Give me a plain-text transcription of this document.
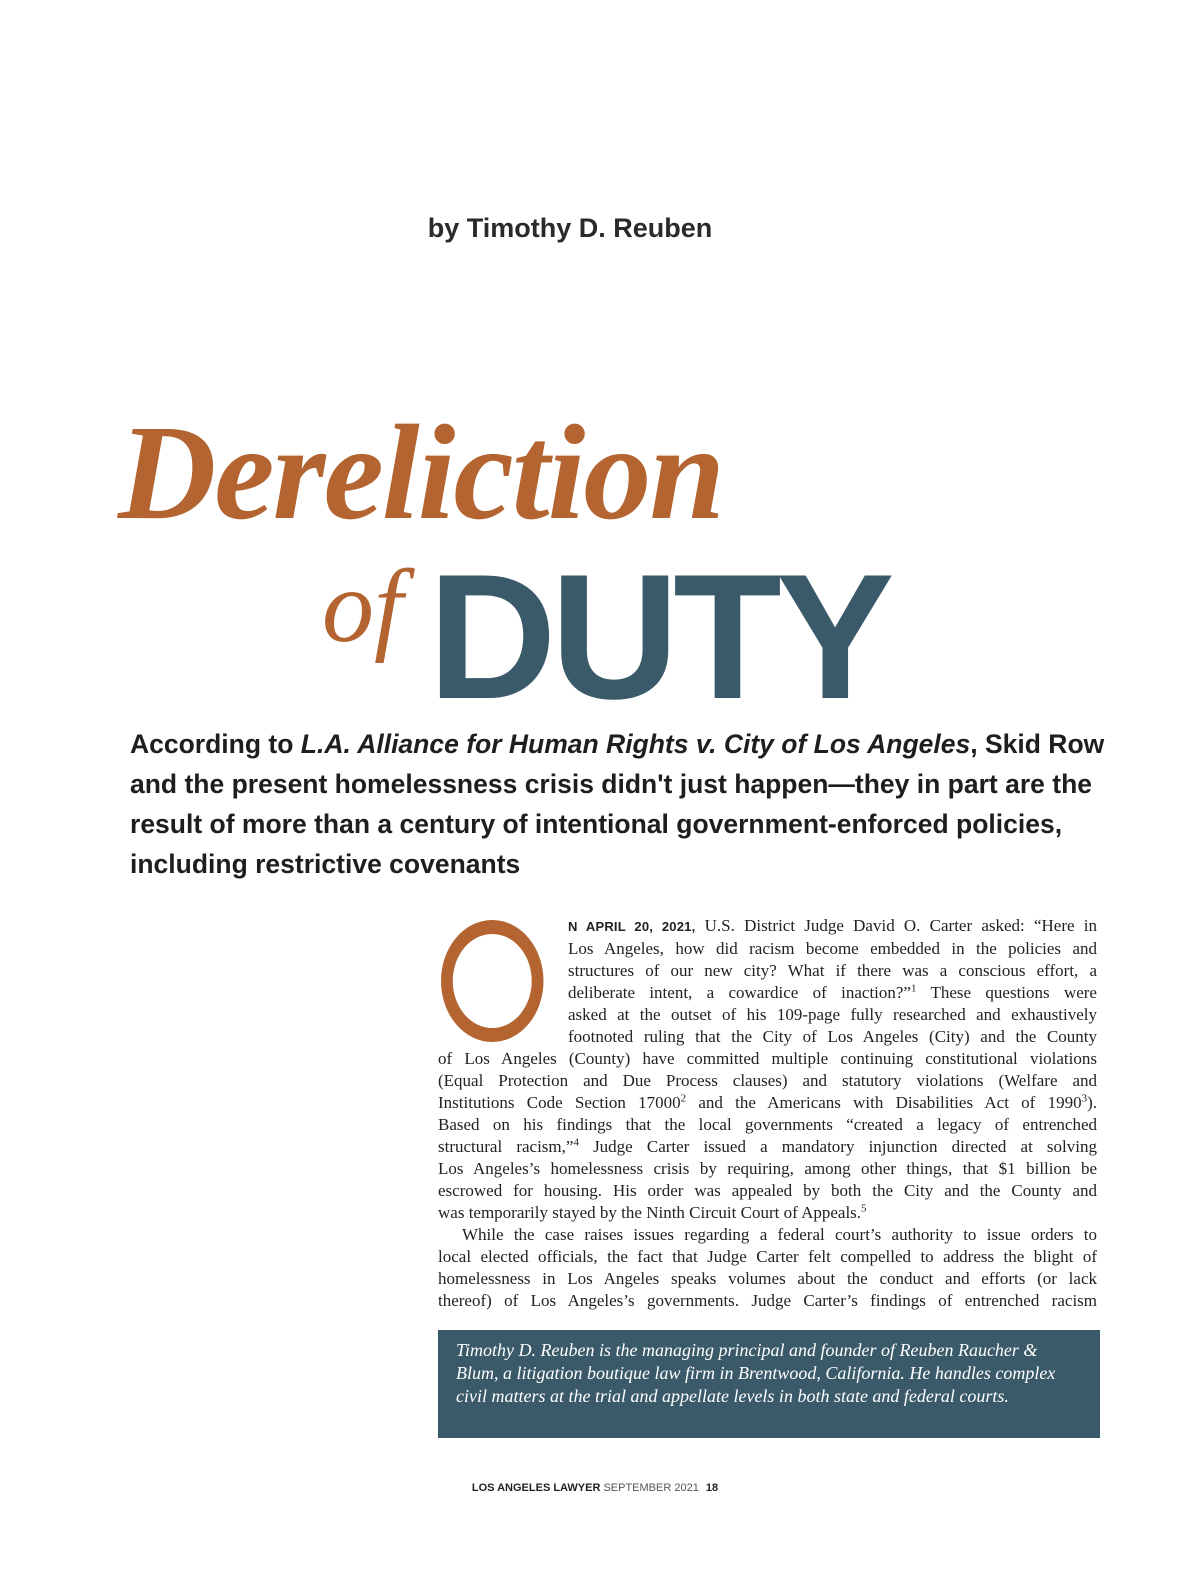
by Timothy D. Reuben
Dereliction
of DUTY
According to L.A. Alliance for Human Rights v. City of Los Angeles, Skid Row
and the present homelessness crisis didn't just happen—they in part are the
result of more than a century of intentional government-enforced policies,
including restrictive covenants
N APRIL 20, 2021, U.S. District Judge David O. Carter asked: “Here in
Los Angeles, how did racism become embedded in the policies and
structures of our new city? What if there was a conscious effort, a
deliberate intent, a cowardice of inaction?”$^1$ These questions were
asked at the outset of his 109-page fully researched and exhaustively
footnoted ruling that the City of Los Angeles (City) and the County
of Los Angeles (County) have committed multiple continuing constitutional violations
(Equal Protection and Due Process clauses) and statutory violations (Welfare and
Institutions Code Section 17000$^2$ and the Americans with Disabilities Act of 1990$^3$).
Based on his findings that the local governments “created a legacy of entrenched
structural racism,”$^4$ Judge Carter issued a mandatory injunction directed at solving
Los Angeles’s homelessness crisis by requiring, among other things, that $1 billion be
escrowed for housing. His order was appealed by both the City and the County and
was temporarily stayed by the Ninth Circuit Court of Appeals.$^5$
While the case raises issues regarding a federal court’s authority to issue orders to
local elected officials, the fact that Judge Carter felt compelled to address the blight of
homelessness in Los Angeles speaks volumes about the conduct and efforts (or lack
thereof) of Los Angeles’s governments. Judge Carter’s findings of entrenched racism
Timothy D. Reuben is the managing principal and founder of Reuben Raucher & Blum, a litigation boutique law firm in Brentwood, California. He handles complex civil matters at the trial and appellate levels in both state and federal courts.
LOS ANGELES LAWYER SEPTEMBER 2021 18
